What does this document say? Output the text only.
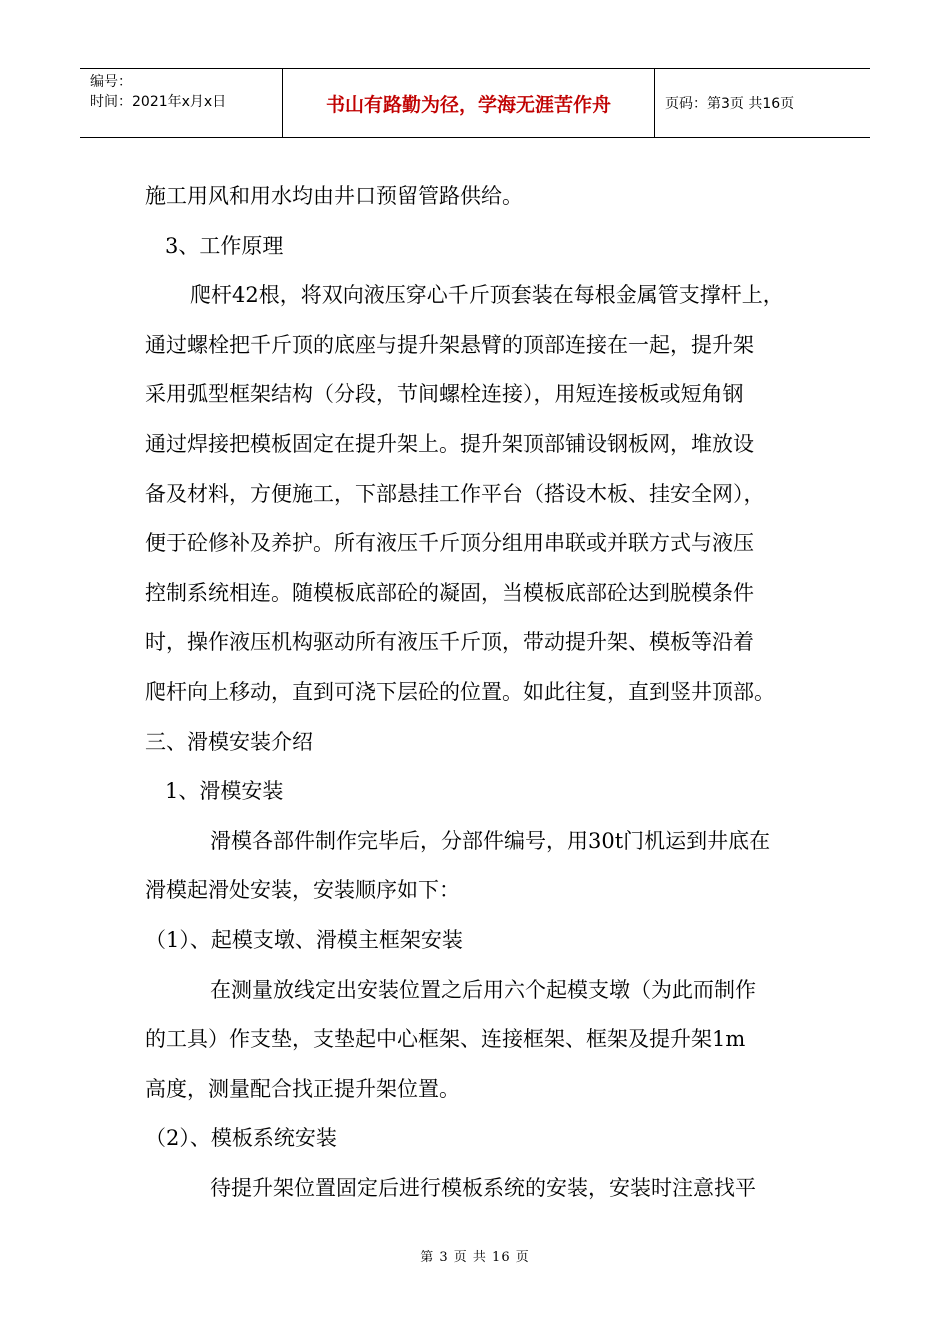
编号：
时间：2021年x月x日	书山有路勤为径，学海无涯苦作舟	页码：第3页 共16页
施工用风和用水均由井口预留管路供给。
3、工作原理
爬杆42根，将双向液压穿心千斤顶套装在每根金属管支撑杆上，
通过螺栓把千斤顶的底座与提升架悬臂的顶部连接在一起，提升架
采用弧型框架结构（分段，节间螺栓连接），用短连接板或短角钢
通过焊接把模板固定在提升架上。提升架顶部铺设钢板网，堆放设
备及材料，方便施工，下部悬挂工作平台（搭设木板、挂安全网），
便于砼修补及养护。所有液压千斤顶分组用串联或并联方式与液压
控制系统相连。随模板底部砼的凝固，当模板底部砼达到脱模条件
时，操作液压机构驱动所有液压千斤顶，带动提升架、模板等沿着
爬杆向上移动，直到可浇下层砼的位置。如此往复，直到竖井顶部。
三、滑模安装介绍
1、滑模安装
滑模各部件制作完毕后，分部件编号，用30t门机运到井底在
滑模起滑处安装，安装顺序如下：
（1）、起模支墩、滑模主框架安装
在测量放线定出安装位置之后用六个起模支墩（为此而制作
的工具）作支垫，支垫起中心框架、连接框架、框架及提升架1m
高度，测量配合找正提升架位置。
（2）、模板系统安装
待提升架位置固定后进行模板系统的安装，安装时注意找平
第 3 页 共 16 页
